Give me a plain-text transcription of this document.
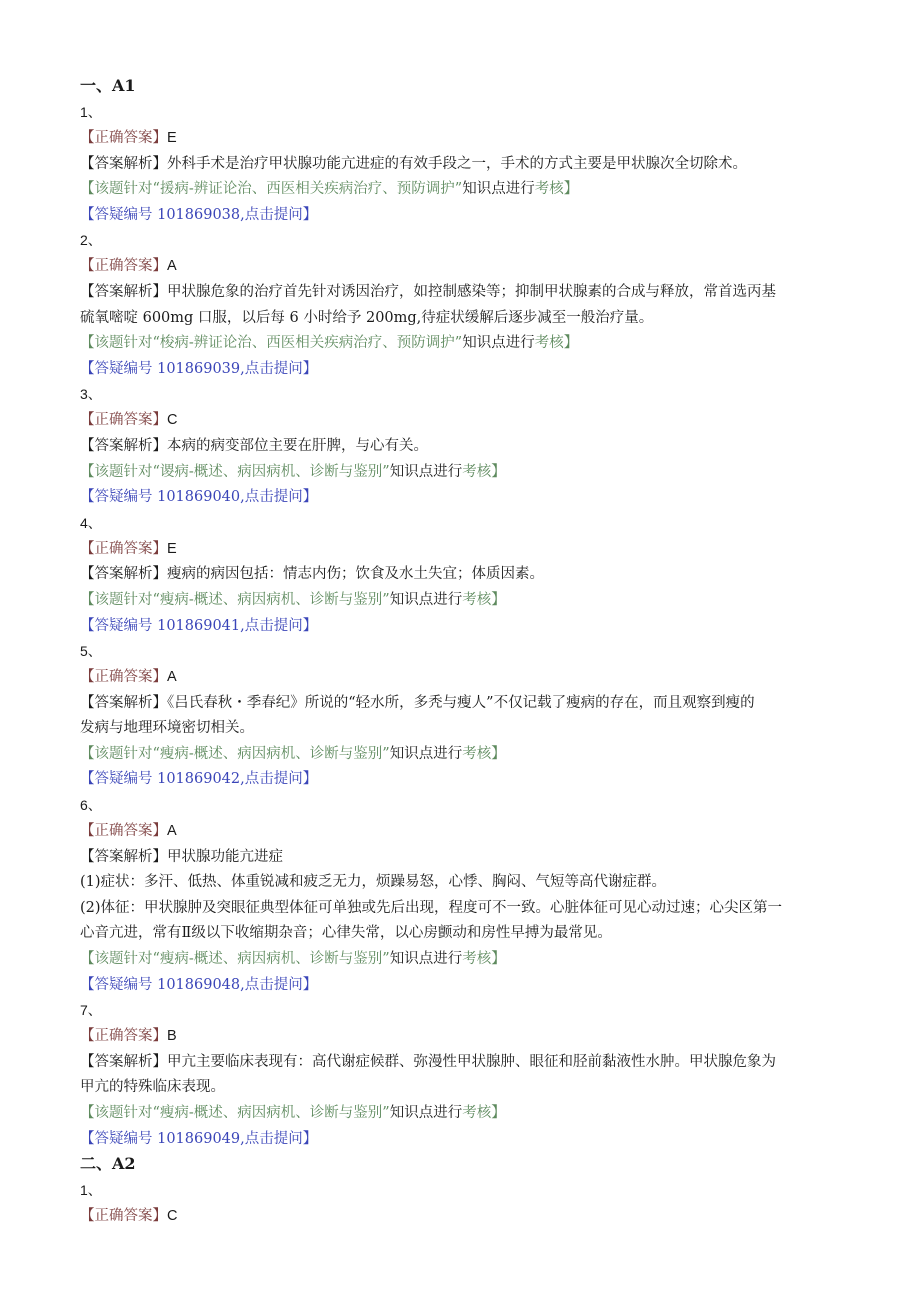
一、A1
1、
【正确答案】E
【答案解析】外科手术是治疗甲状腺功能亢进症的有效手段之一，手术的方式主要是甲状腺次全切除术。
【该题针对“援病-辨证论治、西医相关疾病治疗、预防调护”知识点进行考核】
【答疑编号 101869038,点击提问】
2、
【正确答案】A
【答案解析】甲状腺危象的治疗首先针对诱因治疗，如控制感染等；抑制甲状腺素的合成与释放，常首选丙基
硫氧嘧啶 600mg 口服，以后每 6 小时给予 200mg,待症状缓解后逐步减至一般治疗量。
【该题针对“梭病-辨证论治、西医相关疾病治疗、预防调护”知识点进行考核】
【答疑编号 101869039,点击提问】
3、
【正确答案】C
【答案解析】本病的病变部位主要在肝脾，与心有关。
【该题针对“谡病-概述、病因病机、诊断与鉴别”知识点进行考核】
【答疑编号 101869040,点击提问】
4、
【正确答案】E
【答案解析】瘦病的病因包括：情志内伤；饮食及水土失宜；体质因素。
【该题针对“瘦病-概述、病因病机、诊断与鉴别”知识点进行考核】
【答疑编号 101869041,点击提问】
5、
【正确答案】A
【答案解析】《吕氏春秋・季春纪》所说的“轻水所，多秃与瘦人”不仅记载了瘦病的存在，而且观察到瘦的
发病与地理环境密切相关。
【该题针对“瘦病-概述、病因病机、诊断与鉴别”知识点进行考核】
【答疑编号 101869042,点击提问】
6、
【正确答案】A
【答案解析】甲状腺功能亢进症
(1)症状：多汗、低热、体重锐减和疲乏无力，烦躁易怒，心悸、胸闷、气短等高代谢症群。
(2)体征：甲状腺肿及突眼征典型体征可单独或先后出现，程度可不一致。心脏体征可见心动过速；心尖区第一
心音亢进，常有Ⅱ级以下收缩期杂音；心律失常，以心房颤动和房性早搏为最常见。
【该题针对“瘦病-概述、病因病机、诊断与鉴别”知识点进行考核】
【答疑编号 101869048,点击提问】
7、
【正确答案】B
【答案解析】甲亢主要临床表现有：高代谢症候群、弥漫性甲状腺肿、眼征和胫前黏液性水肿。甲状腺危象为
甲亢的特殊临床表现。
【该题针对“瘦病-概述、病因病机、诊断与鉴别”知识点进行考核】
【答疑编号 101869049,点击提问】
二、A2
1、
【正确答案】C
